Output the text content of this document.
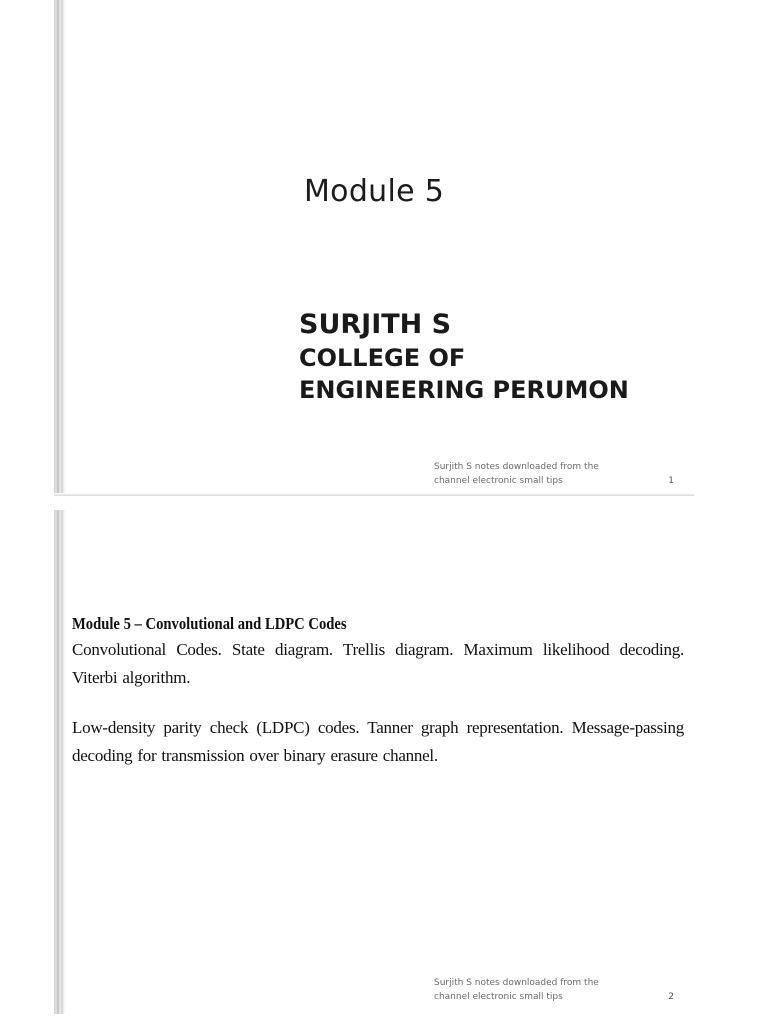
Module 5
SURJITH S
COLLEGE OF
ENGINEERING PERUMON
Surjith S notes downloaded from the
channel electronic small tips	1

Module 5 – Convolutional and LDPC Codes

Convolutional Codes. State diagram. Trellis diagram. Maximum likelihood decoding. Viterbi algorithm.

Low-density parity check (LDPC) codes. Tanner graph representation. Message-passing decoding for transmission over binary erasure channel.

Surjith S notes downloaded from the
channel electronic small tips	2
